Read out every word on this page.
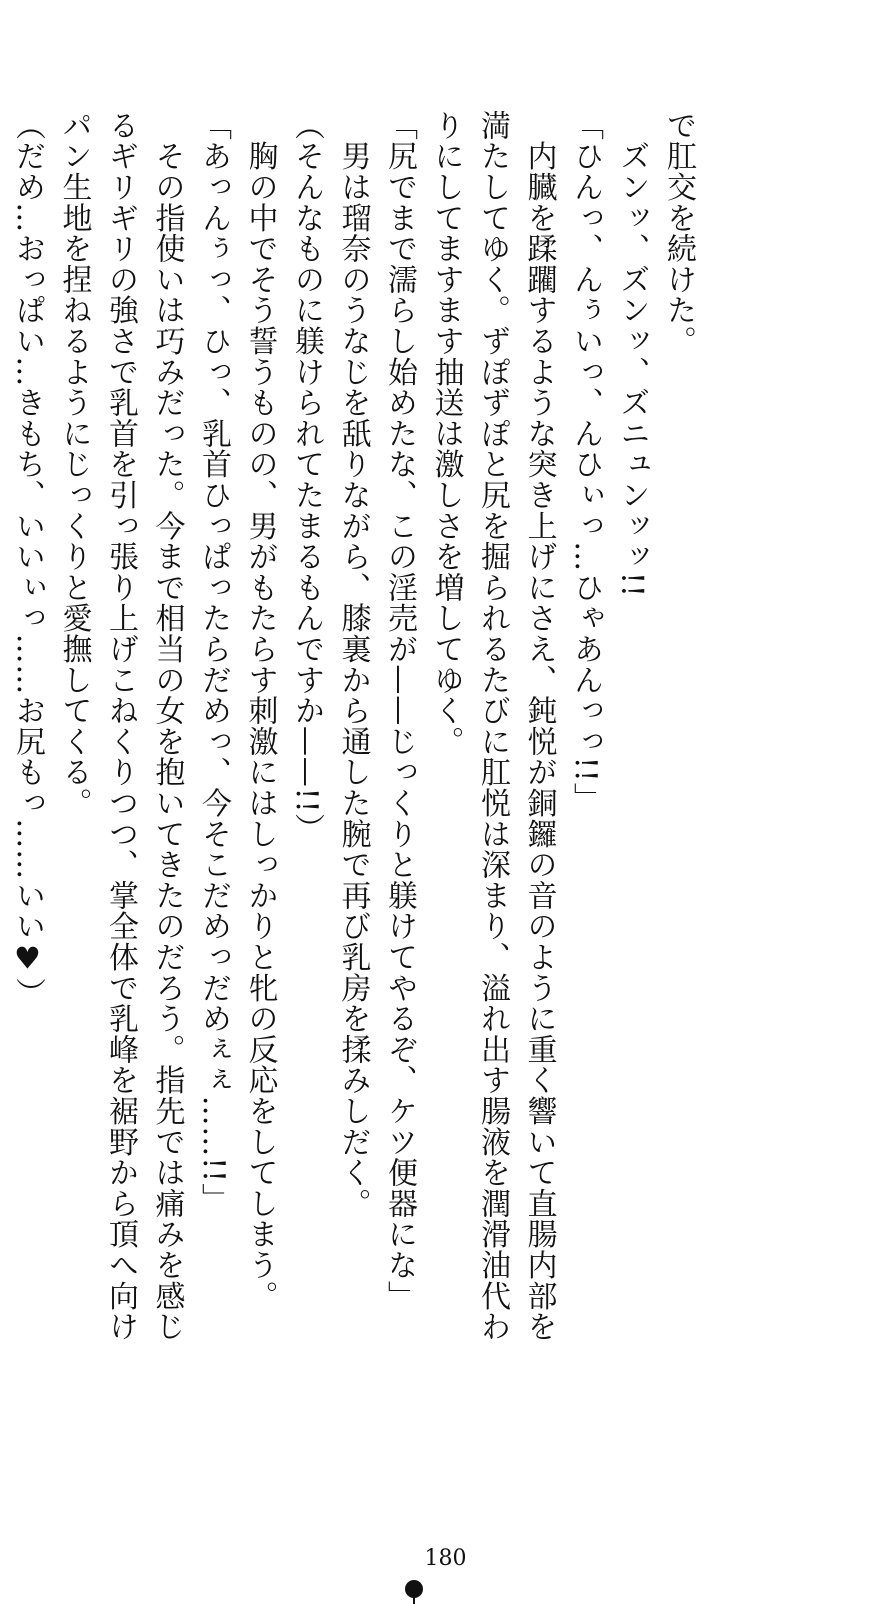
で肛交を続けた。
　ズンッ、ズンッ、ズニュンッッ!!
「ひんっ、んぅいっ、んひぃっ…ひゃあんっっ!!」
　内臓を蹂躙するような突き上げにさえ、鈍悦が銅鑼の音のように重く響いて直腸内部を
満たしてゆく。ずぽずぽと尻を掘られるたびに肛悦は深まり、溢れ出す腸液を潤滑油代わ
りにしてますます抽送は激しさを増してゆく。
「尻でまで濡らし始めたな、この淫売が——じっくりと躾けてやるぞ、ケツ便器にな」
　男は瑠奈のうなじを舐りながら、膝裏から通した腕で再び乳房を揉みしだく。
（そんなものに躾けられてたまるもんですか——!!）
　胸の中でそう誓うものの、男がもたらす刺激にはしっかりと牝の反応をしてしまう。
「あっんぅっ、ひっ、乳首ひっぱったらだめっ、今そこだめっだめぇぇ……!!」
　その指使いは巧みだった。今まで相当の女を抱いてきたのだろう。指先では痛みを感じ
るギリギリの強さで乳首を引っ張り上げこねくりつつ、掌全体で乳峰を裾野から頂へ向け
パン生地を捏ねるようにじっくりと愛撫してくる。
（だめ…おっぱい…きもち、いいぃっ……お尻もっ……いい♥）
180
